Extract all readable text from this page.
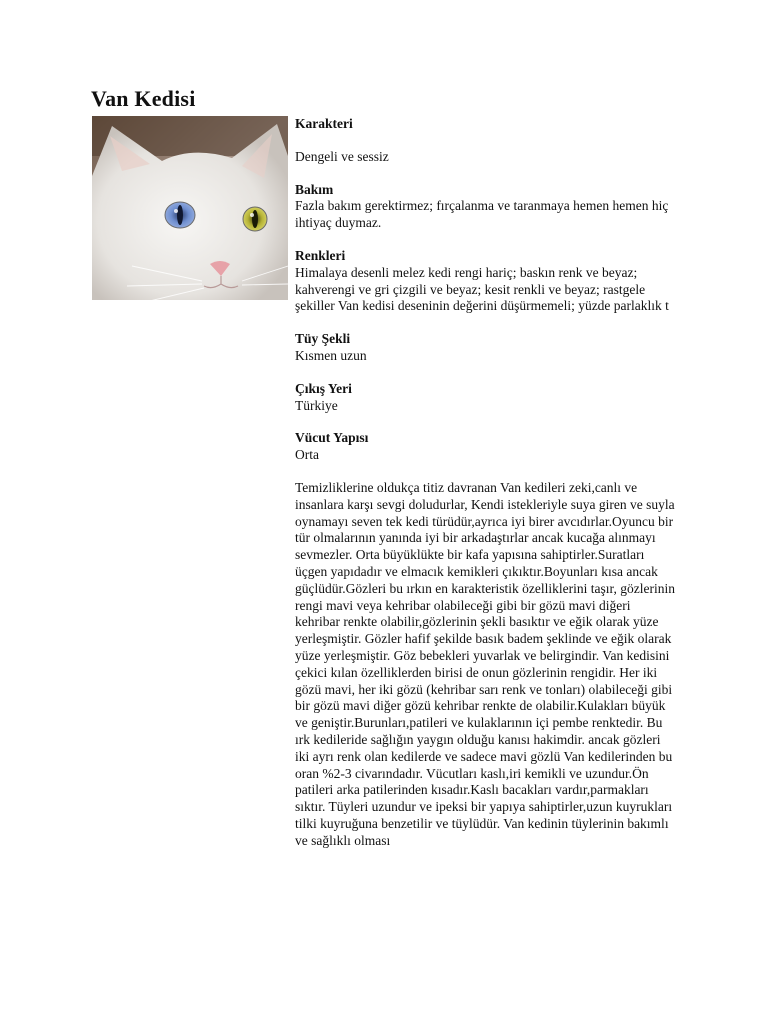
Van Kedisi
Karakteri
Dengeli ve sessiz
Bakım
Fazla bakım gerektirmez; fırçalanma ve taranmaya hemen hemen hiç ihtiyaç duymaz.
Renkleri
Himalaya desenli melez kedi rengi hariç; baskın renk ve beyaz; kahverengi ve gri çizgili ve beyaz; kesit renkli ve beyaz; rastgele şekiller Van kedisi deseninin değerini düşürmemeli; yüzde parlaklık t
Tüy Şekli
Kısmen uzun
Çıkış Yeri
Türkiye
Vücut Yapısı
Orta

Temizliklerine oldukça titiz davranan Van kedileri zeki,canlı ve insanlara karşı sevgi doludurlar, Kendi istekleriyle suya giren ve suyla oynamayı seven tek kedi türüdür,ayrıca iyi birer avcıdırlar.Oyuncu bir tür olmalarının yanında iyi bir arkadaştırlar ancak kucağa alınmayı sevmezler. Orta büyüklükte bir kafa yapısına sahiptirler.Suratları üçgen yapıdadır ve elmacık kemikleri çıkıktır.Boyunları kısa ancak güçlüdür.Gözleri bu ırkın en karakteristik özelliklerini taşır, gözlerinin rengi mavi veya kehribar olabileceği gibi bir gözü mavi diğeri kehribar renkte olabilir,gözlerinin şekli basıktır ve eğik olarak yüze yerleşmiştir. Gözler hafif şekilde basık badem şeklinde ve eğik olarak yüze yerleşmiştir. Göz bebekleri yuvarlak ve belirgindir. Van kedisini çekici kılan özelliklerden birisi de onun gözlerinin rengidir. Her iki gözü mavi, her iki gözü (kehribar sarı renk ve tonları) olabileceği gibi bir gözü mavi diğer gözü kehribar renkte de olabilir.Kulakları büyük ve geniştir.Burunları,patileri ve kulaklarının içi pembe renktedir. Bu ırk kedileride sağlığın yaygın olduğu kanısı hakimdir. ancak gözleri iki ayrı renk olan kedilerde ve sadece mavi gözlü Van kedilerinden bu oran %2-3 civarındadır. Vücutları kaslı,iri kemikli ve uzundur.Ön patileri arka patilerinden kısadır.Kaslı bacakları vardır,parmakları sıktır. Tüyleri uzundur ve ipeksi bir yapıya sahiptirler,uzun kuyrukları tilki kuyruğuna benzetilir ve tüylüdür. Van kedinin tüylerinin bakımlı ve sağlıklı olması
